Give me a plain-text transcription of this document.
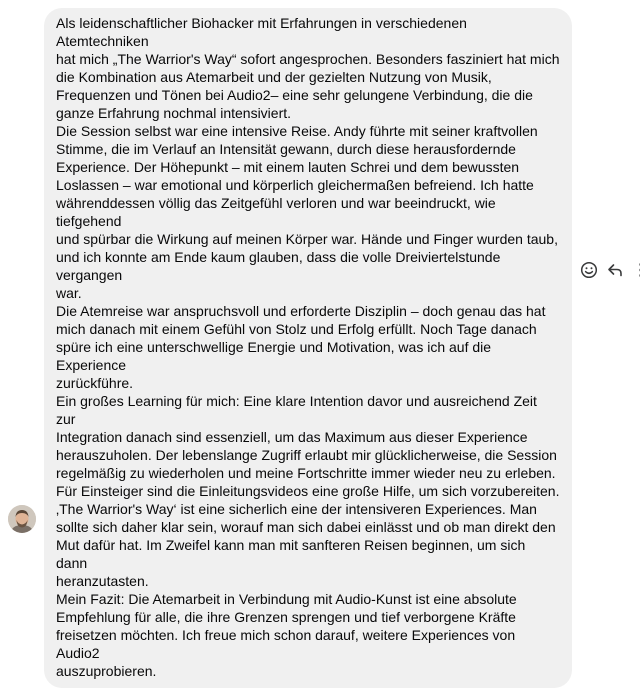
Als leidenschaftlicher Biohacker mit Erfahrungen in verschiedenen Atemtechniken

hat mich „The Warrior's Way“ sofort angesprochen. Besonders fasziniert hat mich

die Kombination aus Atemarbeit und der gezielten Nutzung von Musik,

Frequenzen und Tönen bei Audio2– eine sehr gelungene Verbindung, die die

ganze Erfahrung nochmal intensiviert.

Die Session selbst war eine intensive Reise. Andy führte mit seiner kraftvollen

Stimme, die im Verlauf an Intensität gewann, durch diese herausfordernde

Experience. Der Höhepunkt – mit einem lauten Schrei und dem bewussten

Loslassen – war emotional und körperlich gleichermaßen befreiend. Ich hatte

währenddessen völlig das Zeitgefühl verloren und war beeindruckt, wie tiefgehend

und spürbar die Wirkung auf meinen Körper war. Hände und Finger wurden taub,

und ich konnte am Ende kaum glauben, dass die volle Dreiviertelstunde vergangen

war.

Die Atemreise war anspruchsvoll und erforderte Disziplin – doch genau das hat

mich danach mit einem Gefühl von Stolz und Erfolg erfüllt. Noch Tage danach

spüre ich eine unterschwellige Energie und Motivation, was ich auf die Experience

zurückführe.

Ein großes Learning für mich: Eine klare Intention davor und ausreichend Zeit zur

Integration danach sind essenziell, um das Maximum aus dieser Experience

herauszuholen. Der lebenslange Zugriff erlaubt mir glücklicherweise, die Session

regelmäßig zu wiederholen und meine Fortschritte immer wieder neu zu erleben.

Für Einsteiger sind die Einleitungsvideos eine große Hilfe, um sich vorzubereiten.

‚The Warrior's Way‘ ist eine sicherlich eine der intensiveren Experiences. Man

sollte sich daher klar sein, worauf man sich dabei einlässt und ob man direkt den

Mut dafür hat. Im Zweifel kann man mit sanfteren Reisen beginnen, um sich dann

heranzutasten.

Mein Fazit: Die Atemarbeit in Verbindung mit Audio-Kunst ist eine absolute

Empfehlung für alle, die ihre Grenzen sprengen und tief verborgene Kräfte

freisetzen möchten. Ich freue mich schon darauf, weitere Experiences von Audio2

auszuprobieren.
